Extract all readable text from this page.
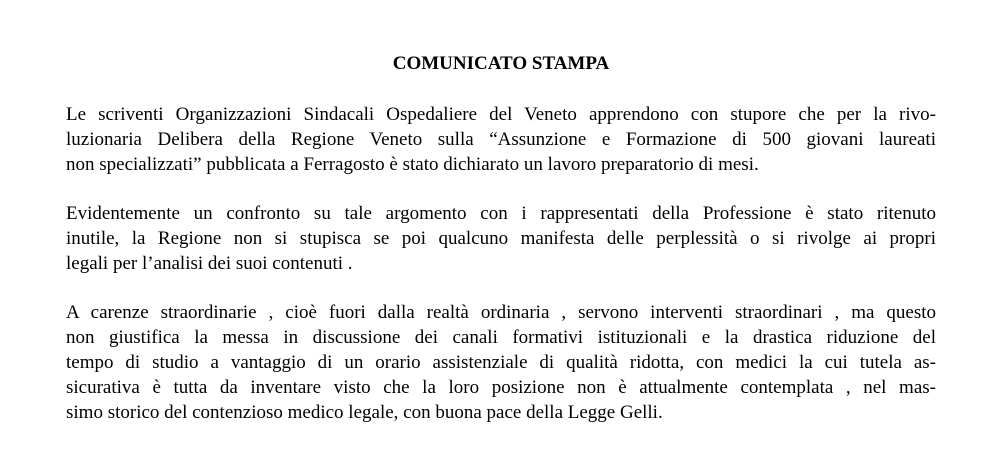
COMUNICATO STAMPA
Le scriventi Organizzazioni Sindacali Ospedaliere del Veneto apprendono con stupore che per la rivo-
luzionaria Delibera della Regione Veneto sulla “Assunzione e Formazione di 500 giovani laureati
non specializzati” pubblicata a Ferragosto è stato dichiarato un lavoro preparatorio di mesi.
Evidentemente un confronto su tale argomento con i rappresentati della Professione è stato ritenuto
inutile, la Regione non si stupisca se poi qualcuno manifesta delle perplessità o si rivolge ai propri
legali per l’analisi dei suoi contenuti .
A carenze straordinarie , cioè fuori dalla realtà ordinaria , servono interventi straordinari , ma questo
non giustifica la messa in discussione dei canali formativi istituzionali e la drastica riduzione del
tempo di studio a vantaggio di un orario assistenziale di qualità ridotta, con medici la cui tutela as-
sicurativa è tutta da inventare visto che la loro posizione non è attualmente contemplata , nel mas-
simo storico del contenzioso medico legale, con buona pace della Legge Gelli.
